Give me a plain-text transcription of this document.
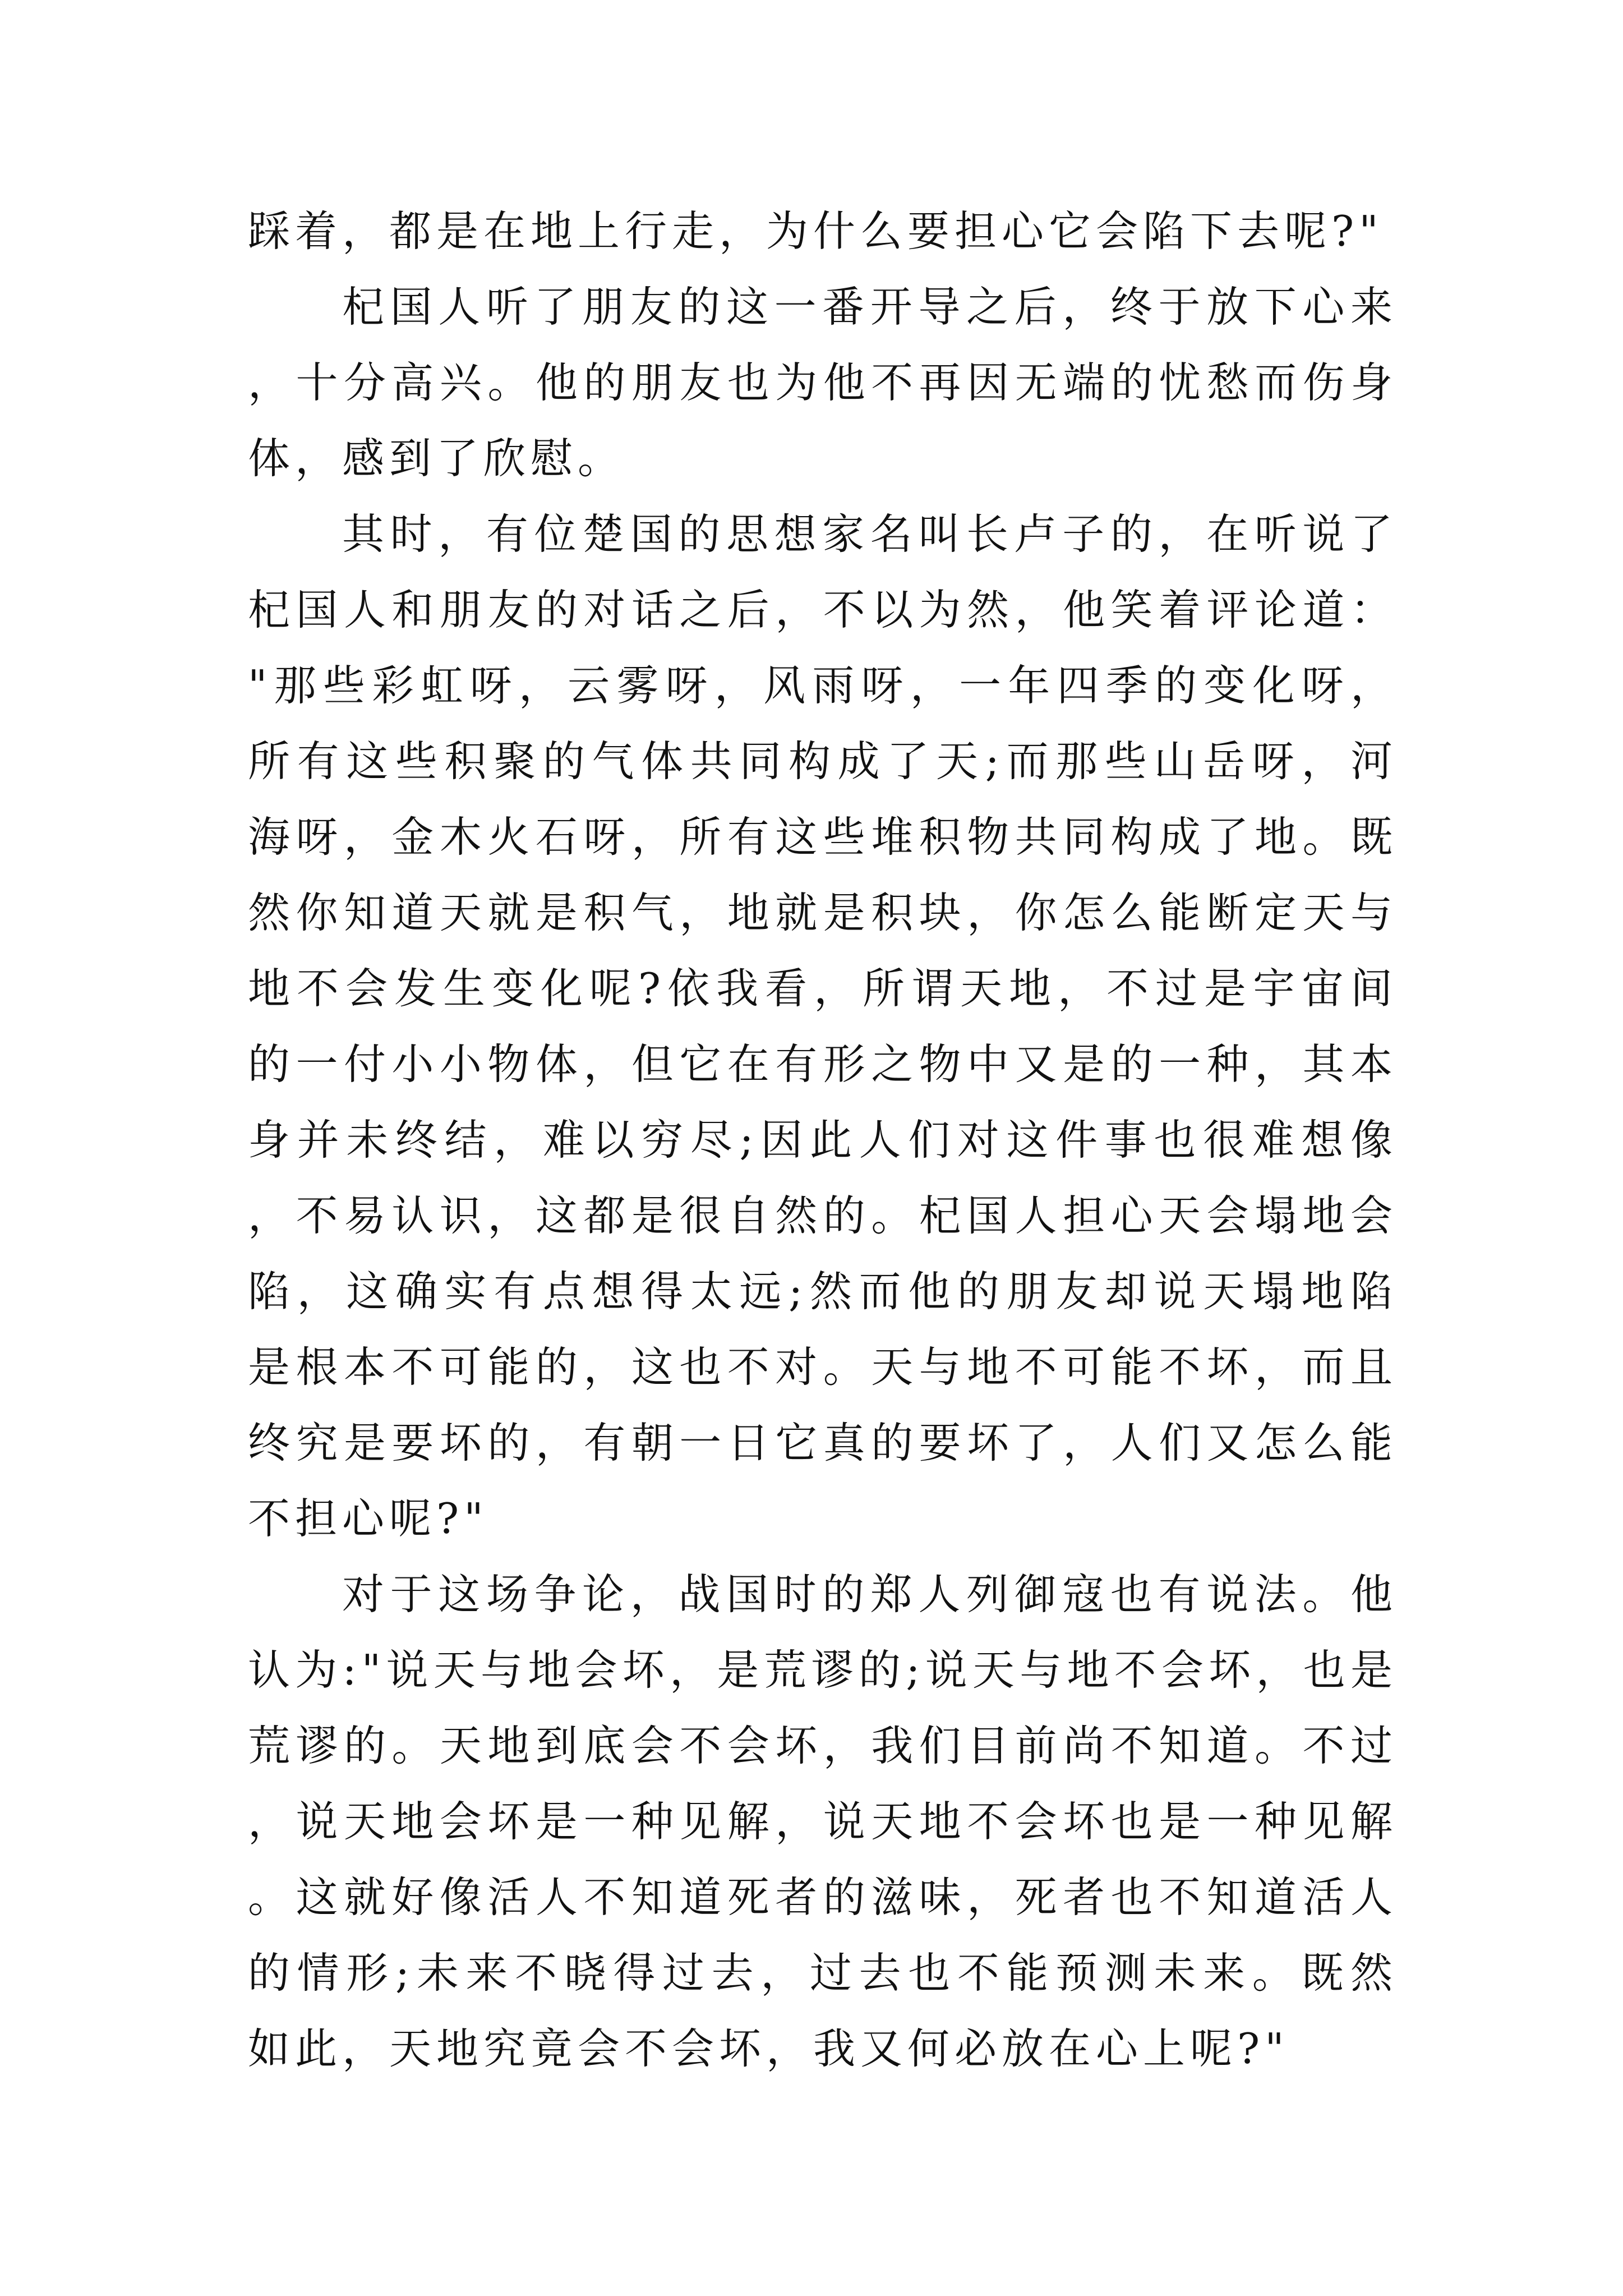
踩着，都是在地上行走，为什么要担心它会陷下去呢?"

杞国人听了朋友的这一番开导之后，终于放下心来，十分高兴。他的朋友也为他不再因无端的忧愁而伤身体，感到了欣慰。

其时，有位楚国的思想家名叫长卢子的，在听说了杞国人和朋友的对话之后，不以为然，他笑着评论道："那些彩虹呀，云雾呀，风雨呀，一年四季的变化呀，所有这些积聚的气体共同构成了天;而那些山岳呀，河海呀，金木火石呀，所有这些堆积物共同构成了地。既然你知道天就是积气，地就是积块，你怎么能断定天与地不会发生变化呢?依我看，所谓天地，不过是宇宙间的一付小小物体，但它在有形之物中又是的一种，其本身并未终结，难以穷尽;因此人们对这件事也很难想像，不易认识，这都是很自然的。杞国人担心天会塌地会陷，这确实有点想得太远;然而他的朋友却说天塌地陷是根本不可能的，这也不对。天与地不可能不坏，而且终究是要坏的，有朝一日它真的要坏了，人们又怎么能不担心呢?"

对于这场争论，战国时的郑人列御寇也有说法。他认为:"说天与地会坏，是荒谬的;说天与地不会坏，也是荒谬的。天地到底会不会坏，我们目前尚不知道。不过，说天地会坏是一种见解，说天地不会坏也是一种见解。这就好像活人不知道死者的滋味，死者也不知道活人的情形;未来不晓得过去，过去也不能预测未来。既然如此，天地究竟会不会坏，我又何必放在心上呢?"
